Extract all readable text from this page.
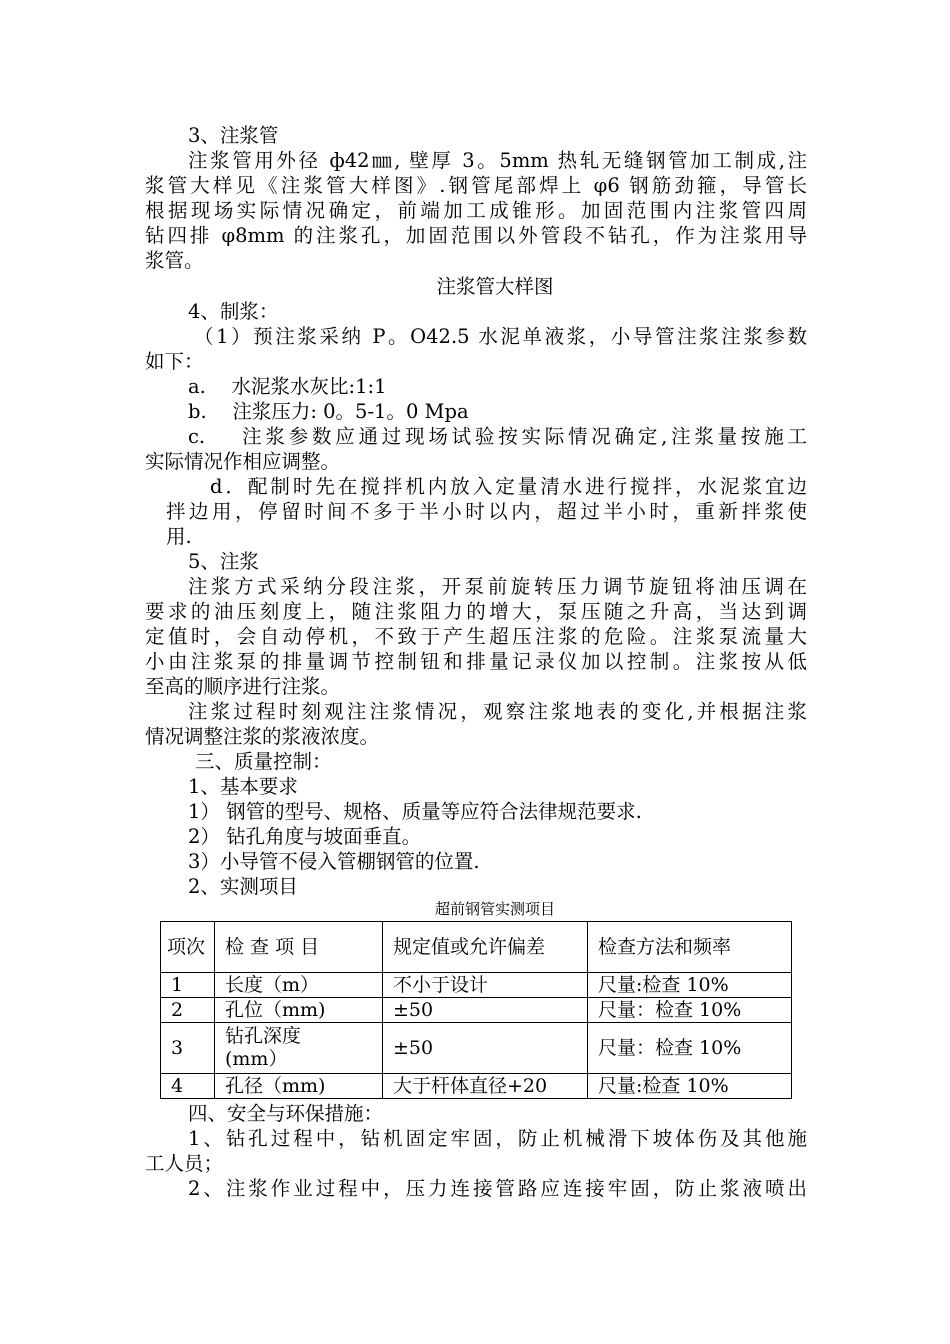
3、注浆管
注浆管用外径 ф42㎜, 壁厚 3。5mm 热轧无缝钢管加工制成,注
浆管大样见《注浆管大样图》.钢管尾部焊上 φ6 钢筋劲箍，导管长
根据现场实际情况确定，前端加工成锥形。加固范围内注浆管四周
钻四排 φ8mm 的注浆孔，加固范围以外管段不钻孔，作为注浆用导
浆管。
注浆管大样图
4、制浆：
（1）预注浆采纳 P。O42.5 水泥单液浆，小导管注浆注浆参数
如下：
a.　 水泥浆水灰比:1:1
b.　 注浆压力: 0。5-1。0 Mpa
c.　 注浆参数应通过现场试验按实际情况确定,注浆量按施工
实际情况作相应调整。
d．配制时先在搅拌机内放入定量清水进行搅拌，水泥浆宜边
拌边用，停留时间不多于半小时以内，超过半小时，重新拌浆使
用.
5、注浆
注浆方式采纳分段注浆，开泵前旋转压力调节旋钮将油压调在
要求的油压刻度上，随注浆阻力的增大，泵压随之升高，当达到调
定值时，会自动停机，不致于产生超压注浆的危险。注浆泵流量大
小由注浆泵的排量调节控制钮和排量记录仪加以控制。注浆按从低
至高的顺序进行注浆。
注浆过程时刻观注注浆情况，观察注浆地表的变化,并根据注浆
情况调整注浆的浆液浓度。
三、质量控制：
1、基本要求
1） 钢管的型号、规格、质量等应符合法律规范要求.
2） 钻孔角度与坡面垂直。
3）小导管不侵入管棚钢管的位置.
2、实测项目
超前钢管实测项目
项次	检 查 项 目	规定值或允许偏差	检查方法和频率
1	长度（m）	不小于设计	尺量:检查 10%
2	孔位（mm)	±50	尺量：检查 10%
3	钻孔深度
(mm）	±50	尺量：检查 10%
4	孔径（mm)	大于杆体直径+20	尺量:检查 10%
四、安全与环保措施：
1、钻孔过程中，钻机固定牢固，防止机械滑下坡体伤及其他施
工人员；
2、注浆作业过程中，压力连接管路应连接牢固，防止浆液喷出
